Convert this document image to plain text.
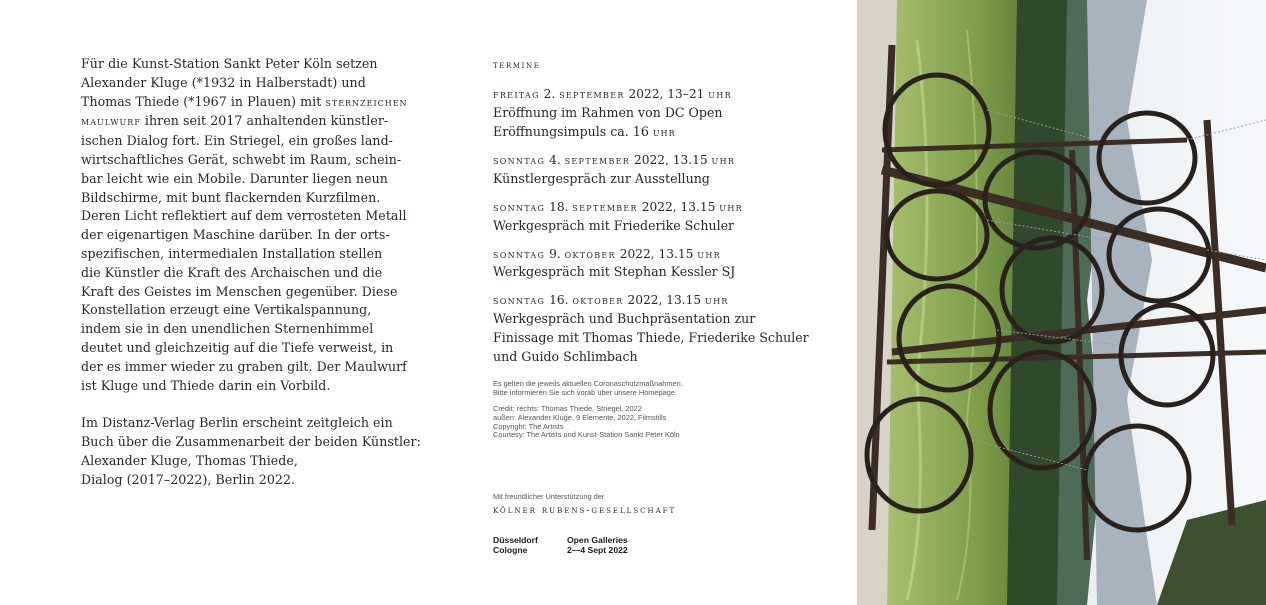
Für die Kunst-Station Sankt Peter Köln setzen
Alexander Kluge (*1932 in Halberstadt) und
Thomas Thiede (*1967 in Plauen) mit sternzeichen
maulwurf ihren seit 2017 anhaltenden künstler-
ischen Dialog fort. Ein Striegel, ein großes land-
wirtschaftliches Gerät, schwebt im Raum, schein-
bar leicht wie ein Mobile. Darunter liegen neun
Bildschirme, mit bunt flackernden Kurzfilmen.
Deren Licht reflektiert auf dem verrosteten Metall
der eigenartigen Maschine darüber. In der orts-
spezifischen, intermedialen Installation stellen
die Künstler die Kraft des Archaischen und die
Kraft des Geistes im Menschen gegenüber. Diese
Konstellation erzeugt eine Vertikalspannung,
indem sie in den unendlichen Sternenhimmel
deutet und gleichzeitig auf die Tiefe verweist, in
der es immer wieder zu graben gilt. Der Maulwurf
ist Kluge und Thiede darin ein Vorbild.
Im Distanz-Verlag Berlin erscheint zeitgleich ein
Buch über die Zusammenarbeit der beiden Künstler:
Alexander Kluge, Thomas Thiede,
Dialog (2017–2022), Berlin 2022.
termine
freitag 2. september 2022, 13–21 uhr
Eröffnung im Rahmen von DC Open
Eröffnungsimpuls ca. 16 uhr
sonntag 4. september 2022, 13.15 uhr
Künstlergespräch zur Ausstellung
sonntag 18. september 2022, 13.15 uhr
Werkgespräch mit Friederike Schuler
sonntag 9. oktober 2022, 13.15 uhr
Werkgespräch mit Stephan Kessler SJ
sonntag 16. oktober 2022, 13.15 uhr
Werkgespräch und Buchpräsentation zur
Finissage mit Thomas Thiede, Friederike Schuler
und Guido Schlimbach
Es gelten die jeweils aktuellen Coronaschutzmaßnahmen.
Bitte informieren Sie sich vorab über unsere Homepage.
Credit: rechts: Thomas Thiede, Striegel, 2022
außen: Alexander Kluge, 9 Elemente, 2022, Filmstills
Copyright: The Artists
Courtesy: The Artists und Kunst-Station Sankt Peter Köln
Mit freundlicher Unterstützung der
kölner rubens-gesellschaft
Düsseldorf
Cologne
Open Galleries
2—4 Sept 2022
